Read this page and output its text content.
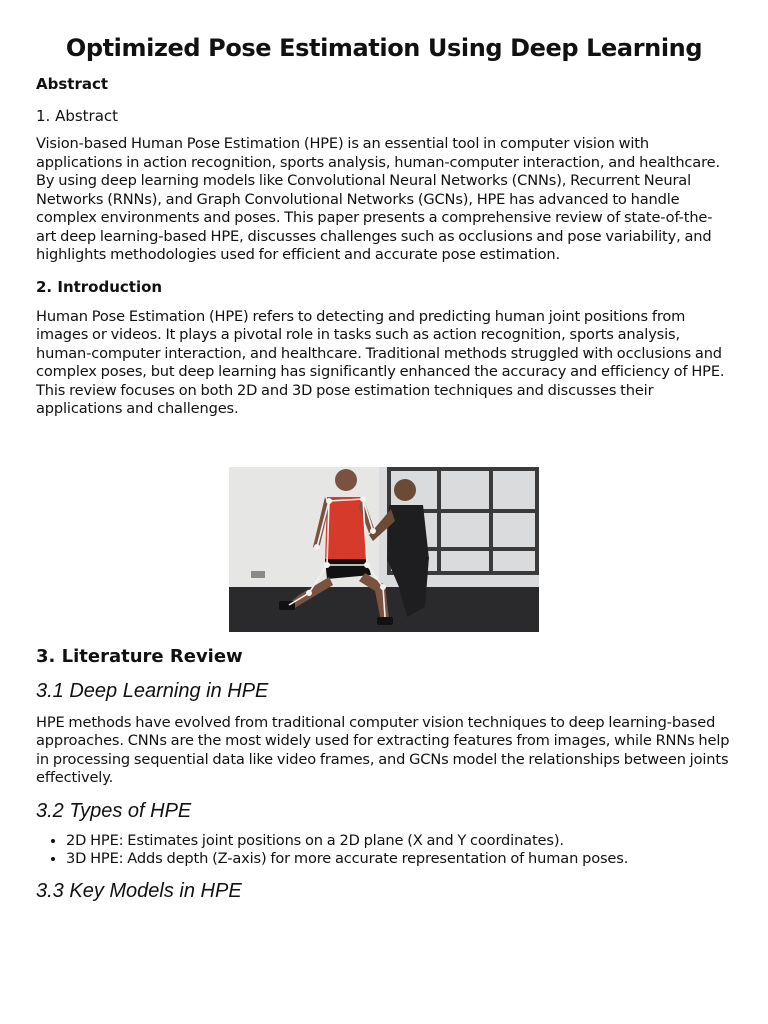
Optimized Pose Estimation Using Deep Learning

Abstract

1. Abstract

Vision-based Human Pose Estimation (HPE) is an essential tool in computer vision with applications in action recognition, sports analysis, human-computer interaction, and healthcare. By using deep learning models like Convolutional Neural Networks (CNNs), Recurrent Neural Networks (RNNs), and Graph Convolutional Networks (GCNs), HPE has advanced to handle complex environments and poses. This paper presents a comprehensive review of state-of-the-art deep learning-based HPE, discusses challenges such as occlusions and pose variability, and highlights methodologies used for efficient and accurate pose estimation.

2. Introduction

Human Pose Estimation (HPE) refers to detecting and predicting human joint positions from images or videos. It plays a pivotal role in tasks such as action recognition, sports analysis, human-computer interaction, and healthcare. Traditional methods struggled with occlusions and complex poses, but deep learning has significantly enhanced the accuracy and efficiency of HPE. This review focuses on both 2D and 3D pose estimation techniques and discusses their applications and challenges.

3. Literature Review

3.1 Deep Learning in HPE

HPE methods have evolved from traditional computer vision techniques to deep learning-based approaches. CNNs are the most widely used for extracting features from images, while RNNs help in processing sequential data like video frames, and GCNs model the relationships between joints effectively.

3.2 Types of HPE
• 2D HPE: Estimates joint positions on a 2D plane (X and Y coordinates).
• 3D HPE: Adds depth (Z-axis) for more accurate representation of human poses.
3.3 Key Models in HPE
